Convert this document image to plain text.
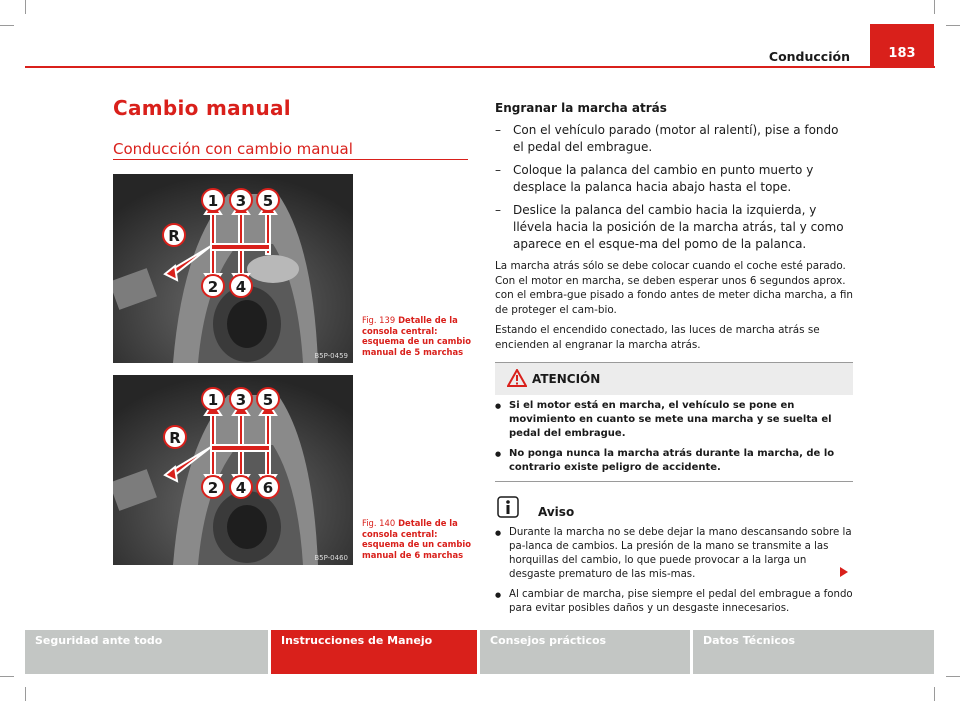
Conducción	183
Cambio manual
Conducción con cambio manual
1 3 5
2 4
R
B5P-0459
Fig. 139 Detalle de la consola central: esquema de un cambio manual de 5 marchas
1 3 5
2 4 6
R
B5P-0460
Fig. 140 Detalle de la consola central: esquema de un cambio manual de 6 marchas
Engranar la marcha atrás
– Con el vehículo parado (motor al ralentí), pise a fondo el pedal del embrague.
– Coloque la palanca del cambio en punto muerto y desplace la palanca hacia abajo hasta el tope.
– Deslice la palanca del cambio hacia la izquierda, y llévela hacia la posición de la marcha atrás, tal y como aparece en el esque-ma del pomo de la palanca.
La marcha atrás sólo se debe colocar cuando el coche esté parado. Con el motor en marcha, se deben esperar unos 6 segundos aprox. con el embra-gue pisado a fondo antes de meter dicha marcha, a fin de proteger el cam-bio.
Estando el encendido conectado, las luces de marcha atrás se encienden al engranar la marcha atrás.
ATENCIÓN
● Si el motor está en marcha, el vehículo se pone en movimiento en cuanto se mete una marcha y se suelta el pedal del embrague.
● No ponga nunca la marcha atrás durante la marcha, de lo contrario existe peligro de accidente.
Aviso
● Durante la marcha no se debe dejar la mano descansando sobre la pa-lanca de cambios. La presión de la mano se transmite a las horquillas del cambio, lo que puede provocar a la larga un desgaste prematuro de las mis-mas.
● Al cambiar de marcha, pise siempre el pedal del embrague a fondo para evitar posibles daños y un desgaste innecesarios.
Seguridad ante todo	Instrucciones de Manejo	Consejos prácticos	Datos Técnicos
